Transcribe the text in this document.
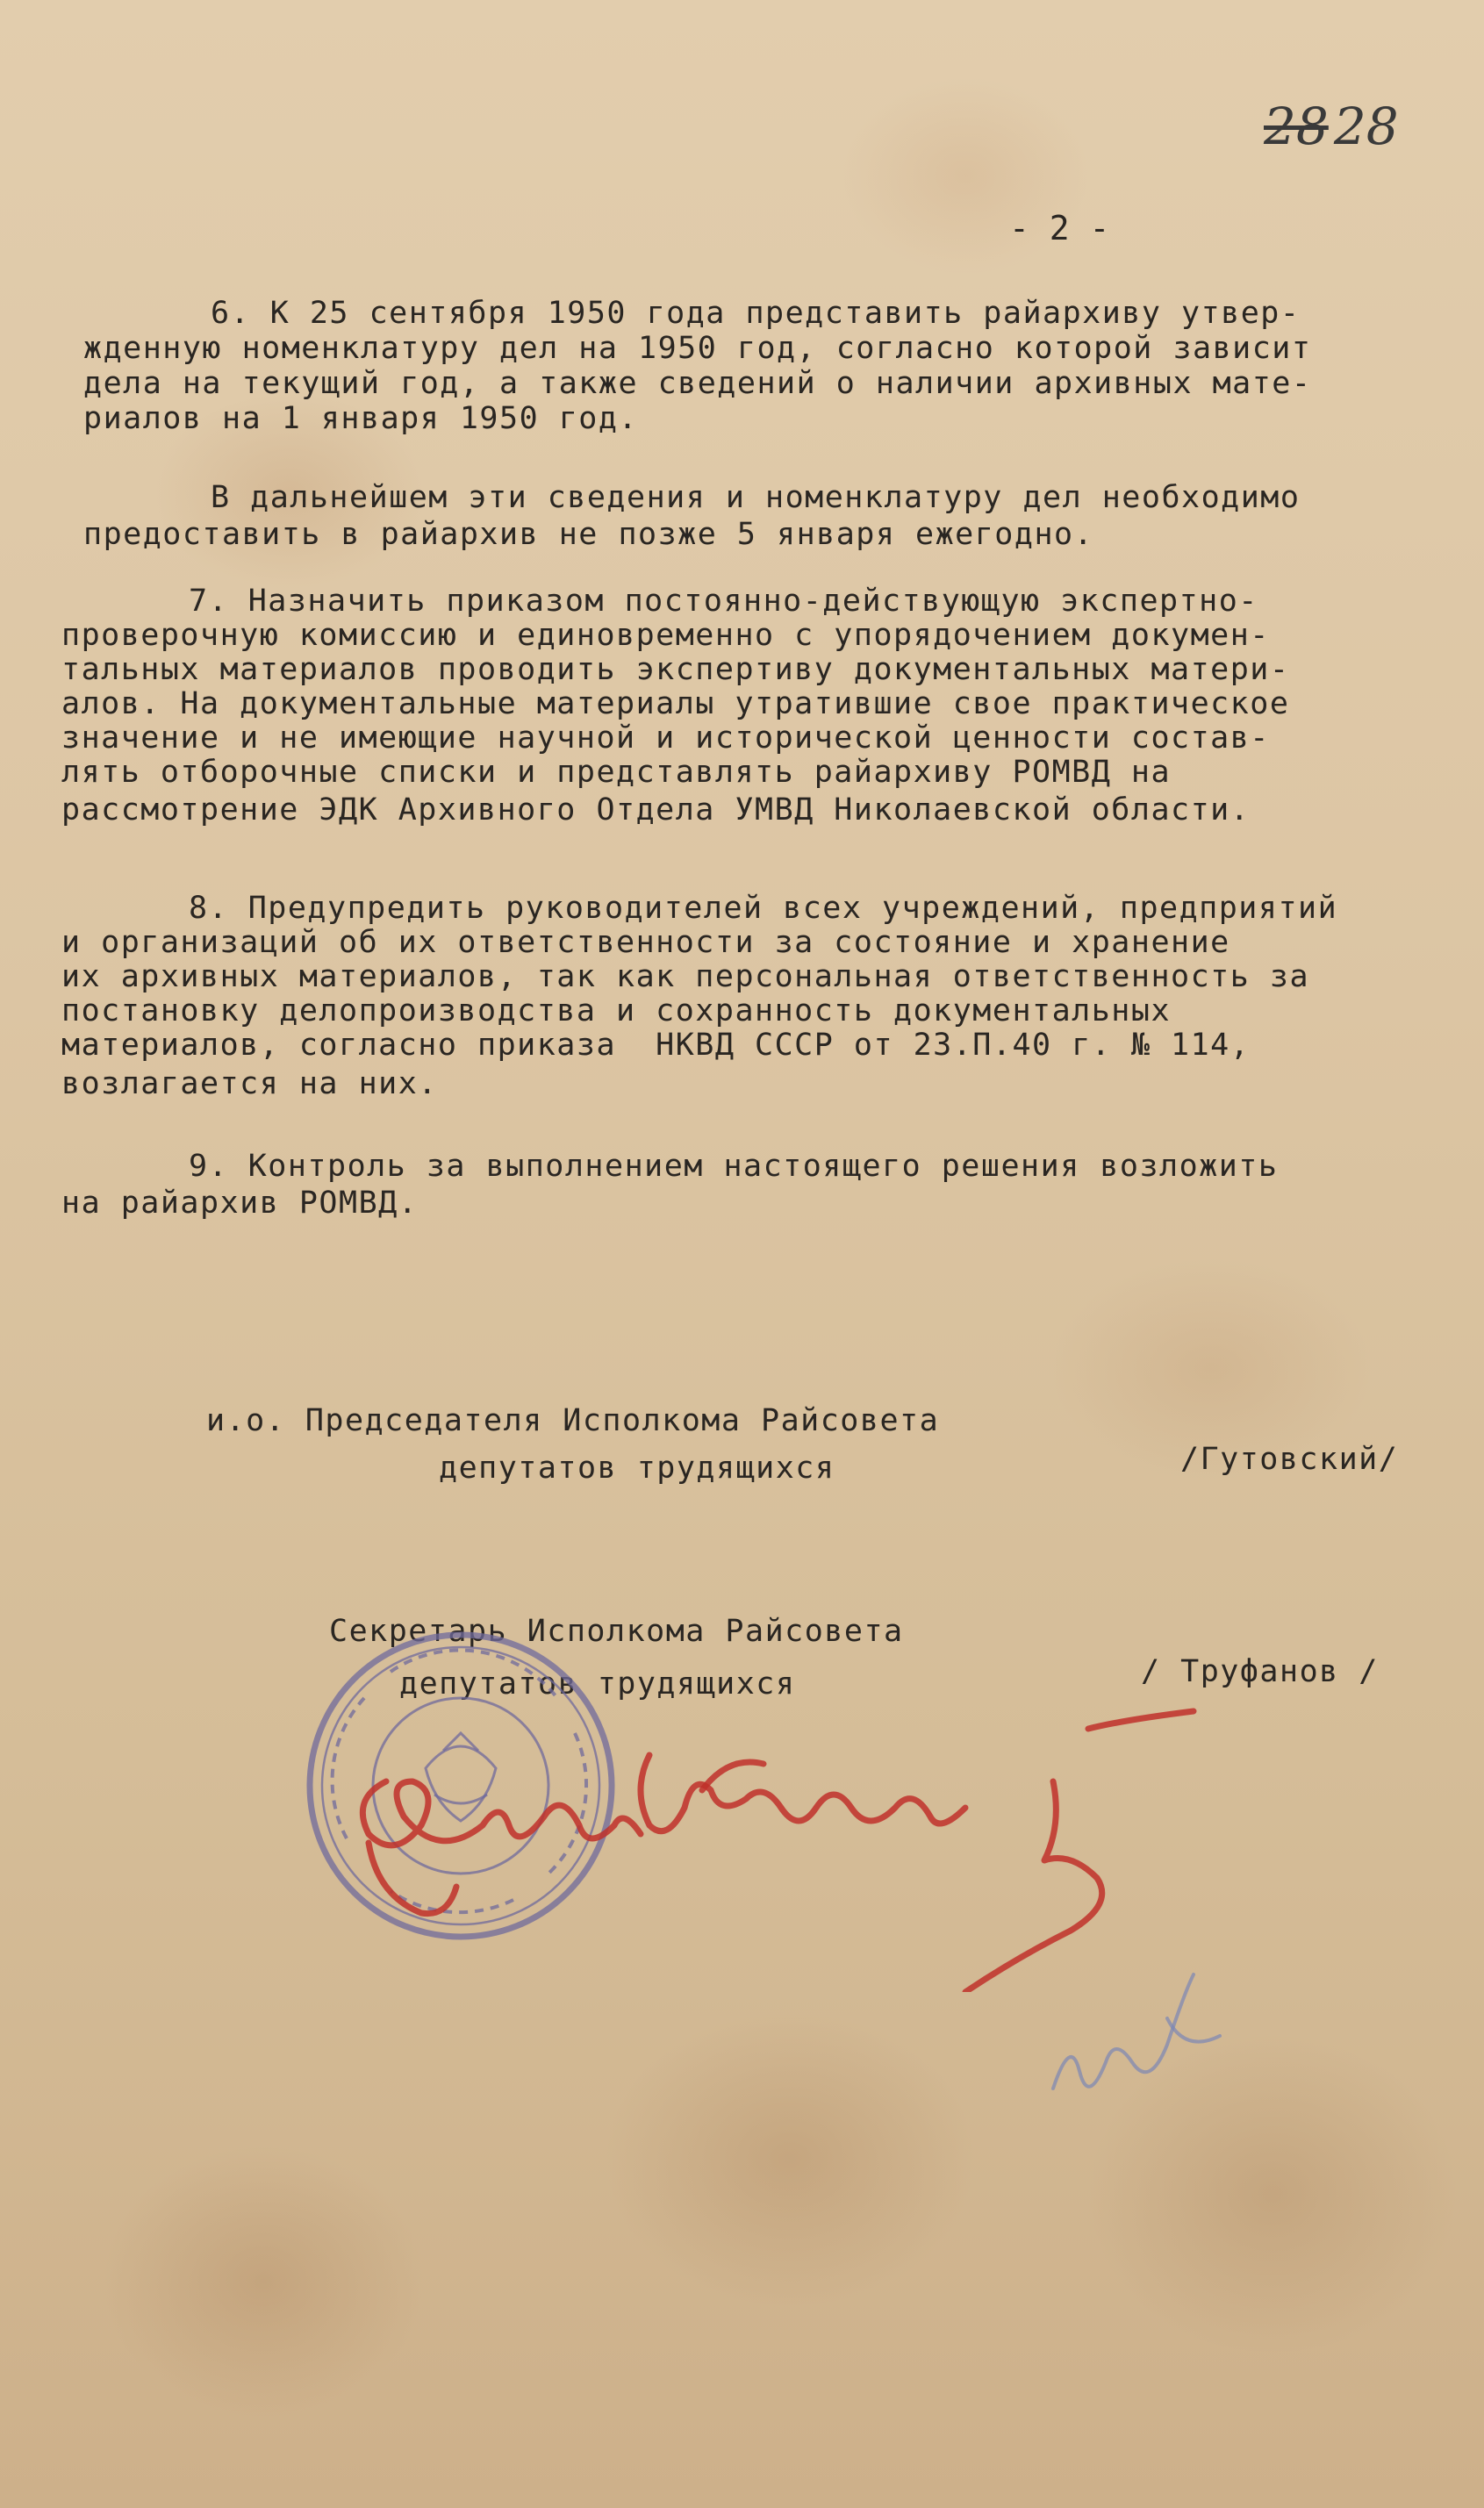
28 28
- 2 -
6. К 25 сентября 1950 года представить райархиву утвер-
жденную номенклатуру дел на 1950 год, согласно которой зависит
дела на текущий год, а также сведений о наличии архивных мате-
риалов на 1 января 1950 год.
В дальнейшем эти сведения и номенклатуру дел необходимо
предоставить в райархив не позже 5 января ежегодно.
7. Назначить приказом постоянно-действующую экспертно-
проверочную комиссию и единовременно с упорядочением докумен-
тальных материалов проводить экспертиву документальных матери-
алов. На документальные материалы утратившие свое практическое
значение и не имеющие научной и исторической ценности состав-
лять отборочные списки и представлять райархиву РОМВД на
рассмотрение ЭДК Архивного Отдела УМВД Николаевской области.
8. Предупредить руководителей всех учреждений, предприятий
и организаций об их ответственности за состояние и хранение
их архивных материалов, так как персональная ответственность за
постановку делопроизводства и сохранность документальных
материалов, согласно приказа  НКВД СССР от 23.П.40 г. № 114,
возлагается на них.
9. Контроль за выполнением настоящего решения возложить
на райархив РОМВД.
и.о. Председателя Исполкома Райсовета
депутатов трудящихся	/Гутовский/
Секретарь Исполкома Райсовета
депутатов трудящихся	/ Труфанов /
